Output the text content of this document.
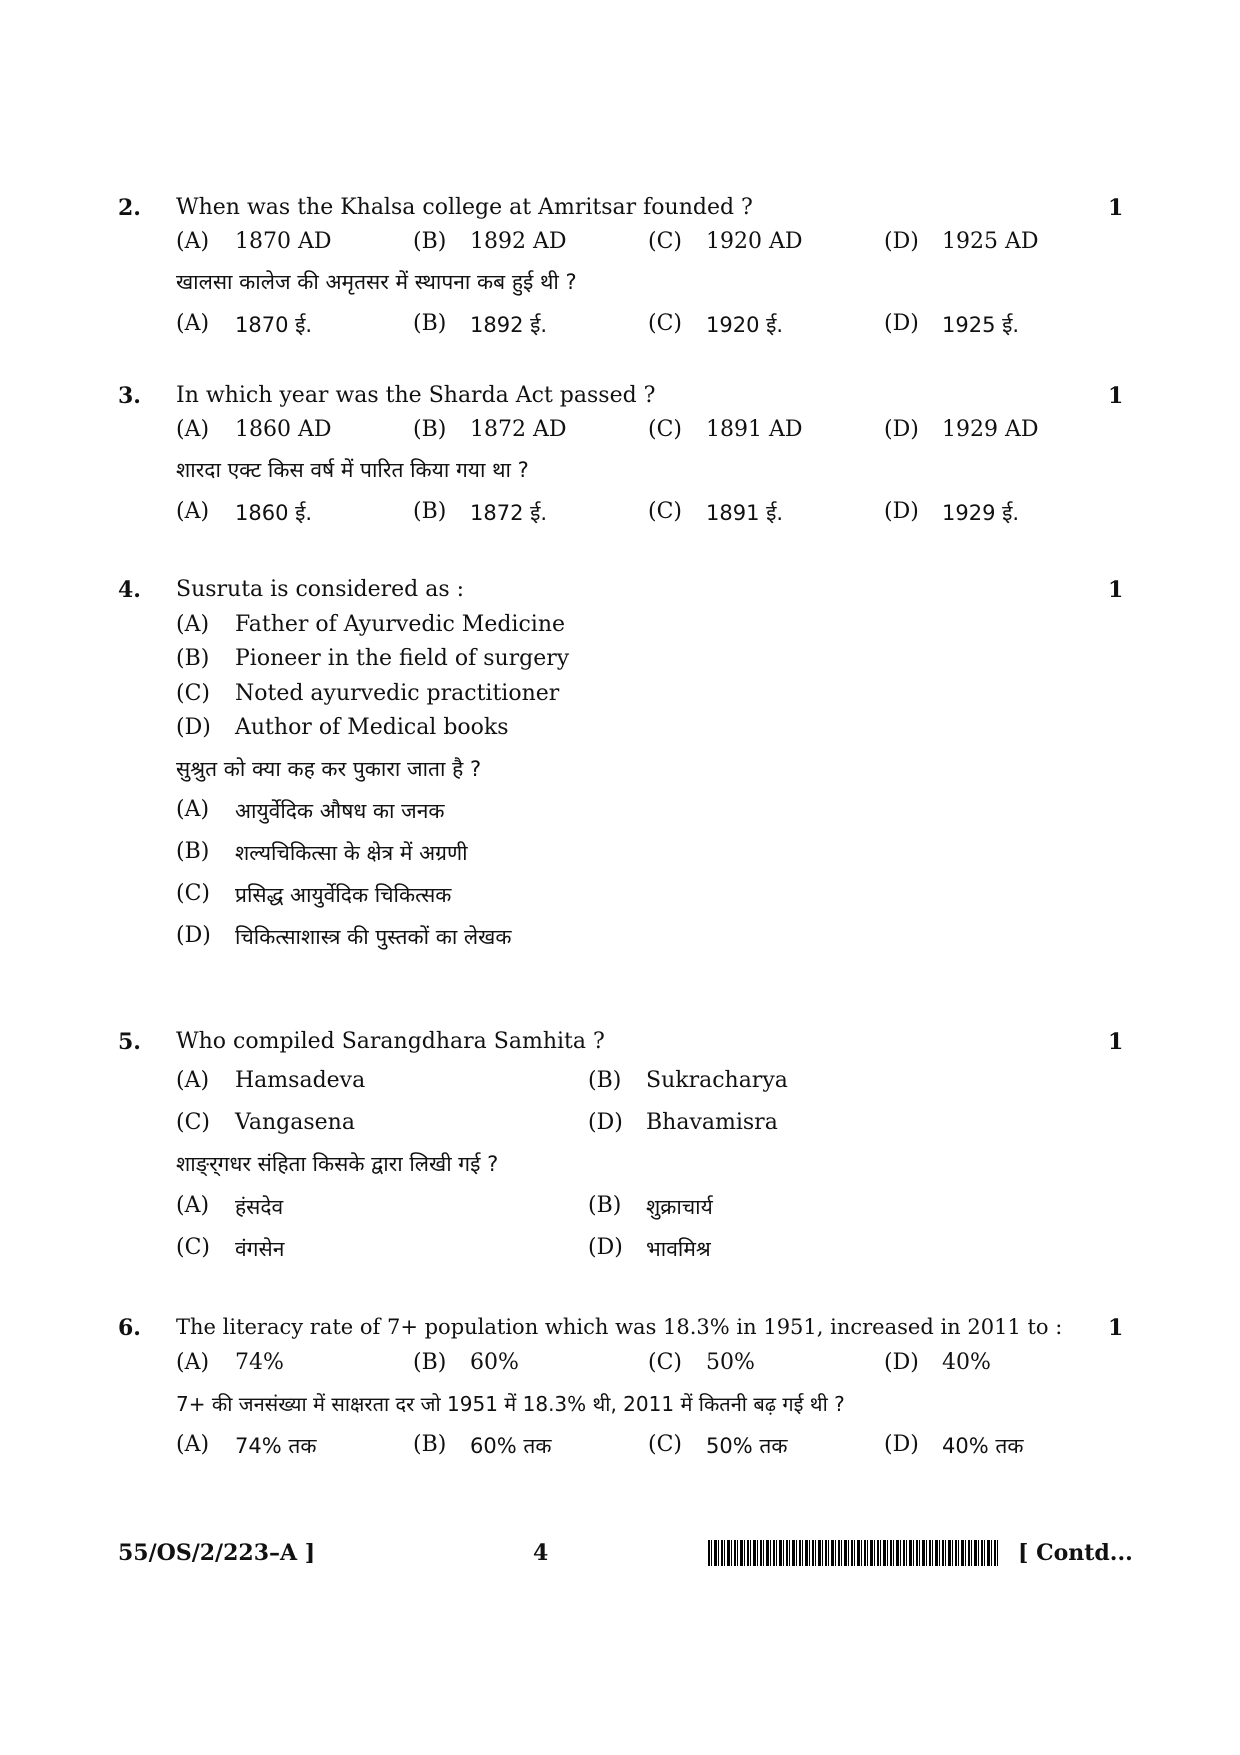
2. When was the Khalsa college at Amritsar founded ?	1
(A) 1870 AD	(B) 1892 AD	(C) 1920 AD	(D) 1925 AD
खालसा कालेज की अमृतसर में स्थापना कब हुई थी ?
(A) 1870 ई.	(B) 1892 ई.	(C) 1920 ई.	(D) 1925 ई.
3. In which year was the Sharda Act passed ?	1
(A) 1860 AD	(B) 1872 AD	(C) 1891 AD	(D) 1929 AD
शारदा एक्ट किस वर्ष में पारित किया गया था ?
(A) 1860 ई.	(B) 1872 ई.	(C) 1891 ई.	(D) 1929 ई.
4. Susruta is considered as :	1
(A) Father of Ayurvedic Medicine
(B) Pioneer in the field of surgery
(C) Noted ayurvedic practitioner
(D) Author of Medical books
सुश्रुत को क्या कह कर पुकारा जाता है ?
(A) आयुर्वेदिक औषध का जनक
(B) शल्यचिकित्सा के क्षेत्र में अग्रणी
(C) प्रसिद्ध आयुर्वेदिक चिकित्सक
(D) चिकित्साशास्त्र की पुस्तकों का लेखक
5. Who compiled Sarangdhara Samhita ?	1
(A) Hamsadeva	(B) Sukracharya
(C) Vangasena	(D) Bhavamisra
शाङ्‍र्गधर संहिता किसके द्वारा लिखी गई ?
(A) हंसदेव	(B) शुक्राचार्य
(C) वंगसेन	(D) भावमिश्र
6. The literacy rate of 7+ population which was 18.3% in 1951, increased in 2011 to : 1
(A) 74%	(B) 60%	(C) 50%	(D) 40%
7+ की जनसंख्या में साक्षरता दर जो 1951 में 18.3% थी, 2011 में कितनी बढ़ गई थी ?
(A) 74% तक	(B) 60% तक	(C) 50% तक	(D) 40% तक
55/OS/2/223–A ]	4	[ Contd...
